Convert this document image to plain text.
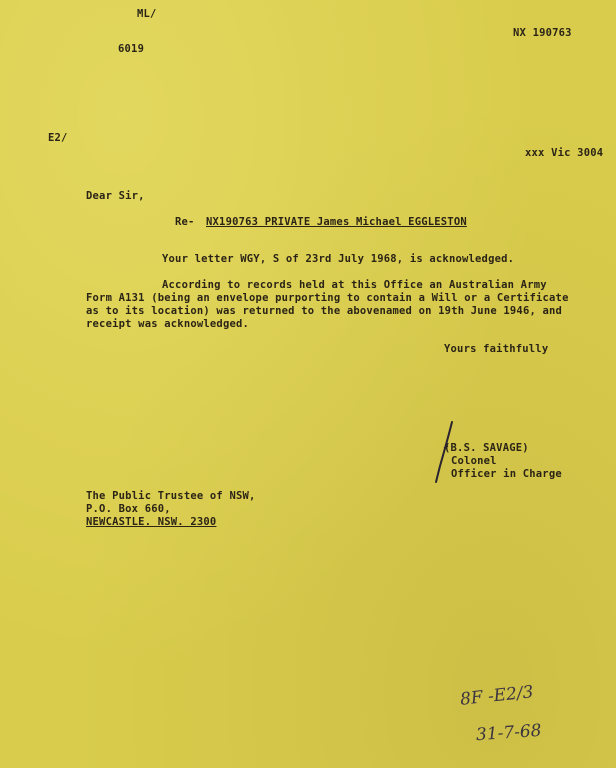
ML/
6019
NX 190763
E2/
xxx Vic 3004
Dear Sir,
Re- NX190763 PRIVATE James Michael EGGLESTON
Your letter WGY, S of 23rd July 1968, is acknowledged.
According to records held at this Office an Australian Army
Form A131 (being an envelope purporting to contain a Will or a Certificate
as to its location) was returned to the abovenamed on 19th June 1946, and
receipt was acknowledged.
Yours faithfully
(B.S. SAVAGE)
Colonel
Officer in Charge
The Public Trustee of NSW,
P.O. Box 660,
NEWCASTLE. NSW. 2300
8F -E2/3
31-7-68
